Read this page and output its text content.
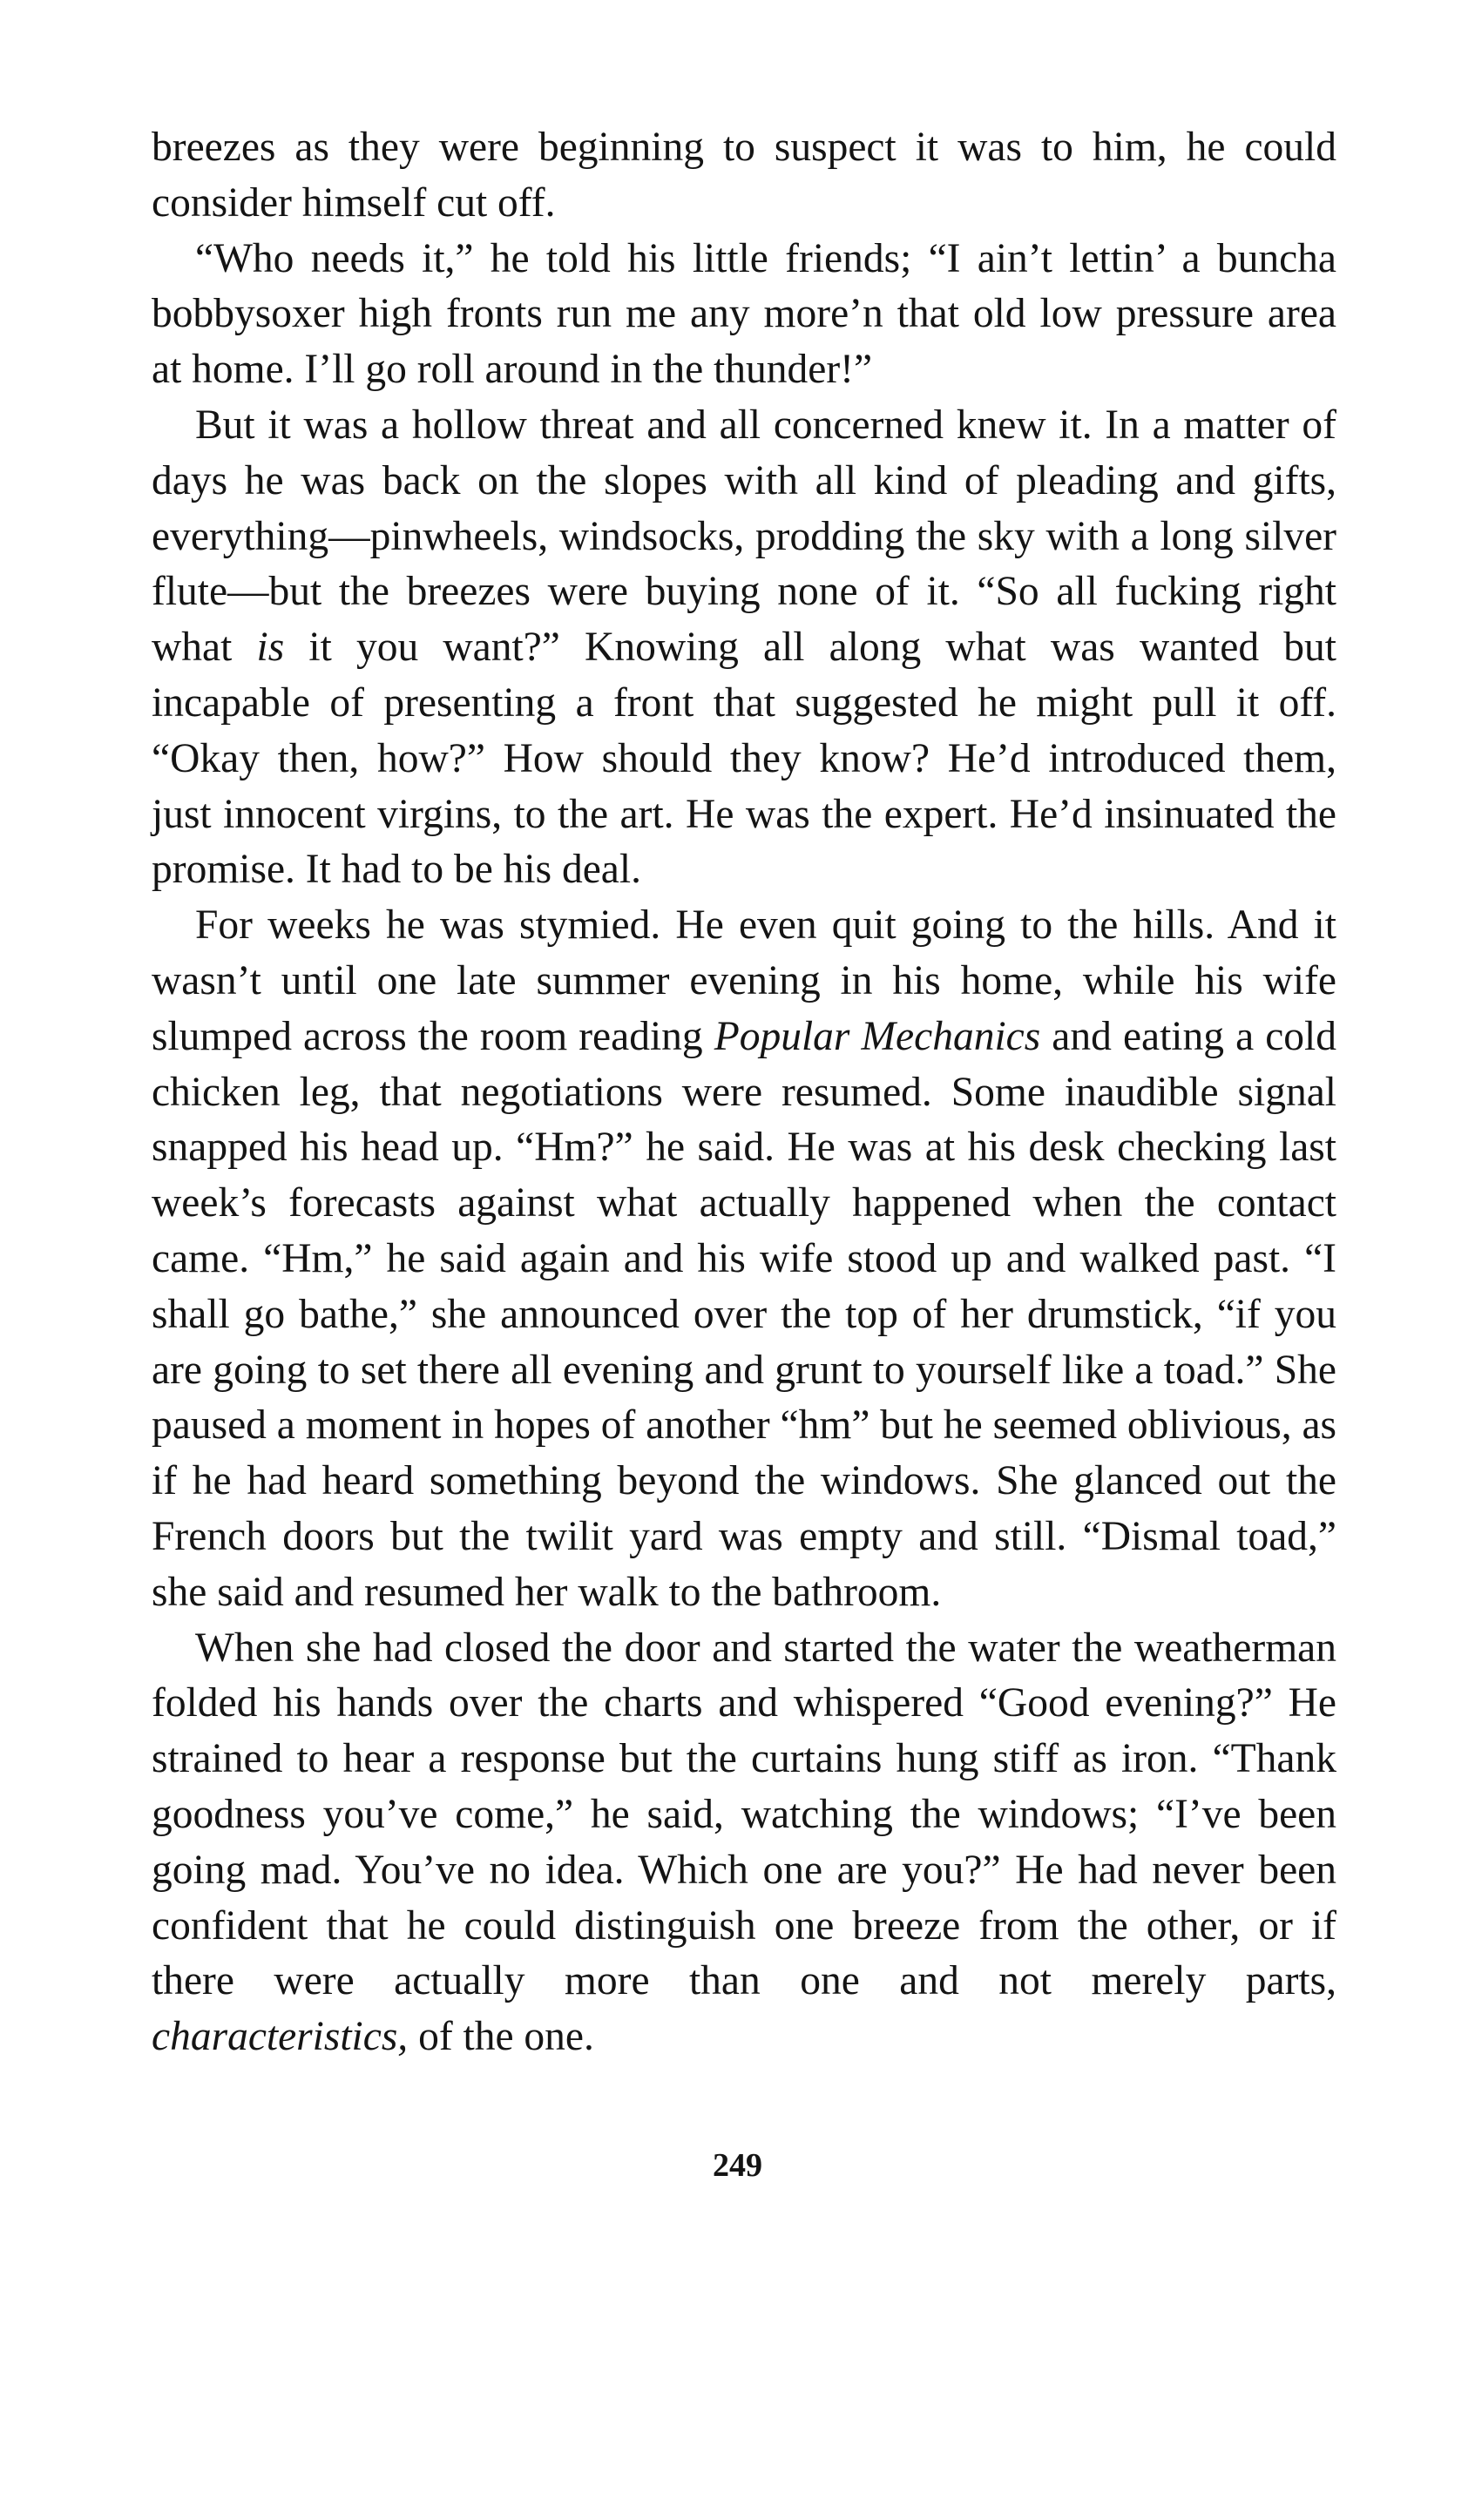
breezes as they were beginning to suspect it was to him, he could consider himself cut off.

“Who needs it,” he told his little friends; “I ain’t lettin’ a buncha bobbysoxer high fronts run me any more’n that old low pressure area at home. I’ll go roll around in the thunder!”

But it was a hollow threat and all concerned knew it. In a matter of days he was back on the slopes with all kind of pleading and gifts, everything—pinwheels, windsocks, prodding the sky with a long silver flute—but the breezes were buying none of it. “So all fucking right what is it you want?” Knowing all along what was wanted but incapable of presenting a front that suggested he might pull it off. “Okay then, how?” How should they know? He’d introduced them, just innocent virgins, to the art. He was the expert. He’d insinuated the promise. It had to be his deal.

For weeks he was stymied. He even quit going to the hills. And it wasn’t until one late summer evening in his home, while his wife slumped across the room reading Popular Mechanics and eating a cold chicken leg, that negotiations were resumed. Some inaudible signal snapped his head up. “Hm?” he said. He was at his desk checking last week’s forecasts against what actually happened when the contact came. “Hm,” he said again and his wife stood up and walked past. “I shall go bathe,” she announced over the top of her drumstick, “if you are going to set there all evening and grunt to yourself like a toad.” She paused a moment in hopes of another “hm” but he seemed oblivious, as if he had heard something beyond the windows. She glanced out the French doors but the twilit yard was empty and still. “Dismal toad,” she said and resumed her walk to the bathroom.

When she had closed the door and started the water the weatherman folded his hands over the charts and whispered “Good evening?” He strained to hear a response but the curtains hung stiff as iron. “Thank goodness you’ve come,” he said, watching the windows; “I’ve been going mad. You’ve no idea. Which one are you?” He had never been confident that he could distinguish one breeze from the other, or if there were actually more than one and not merely parts, characteristics, of the one.

249
